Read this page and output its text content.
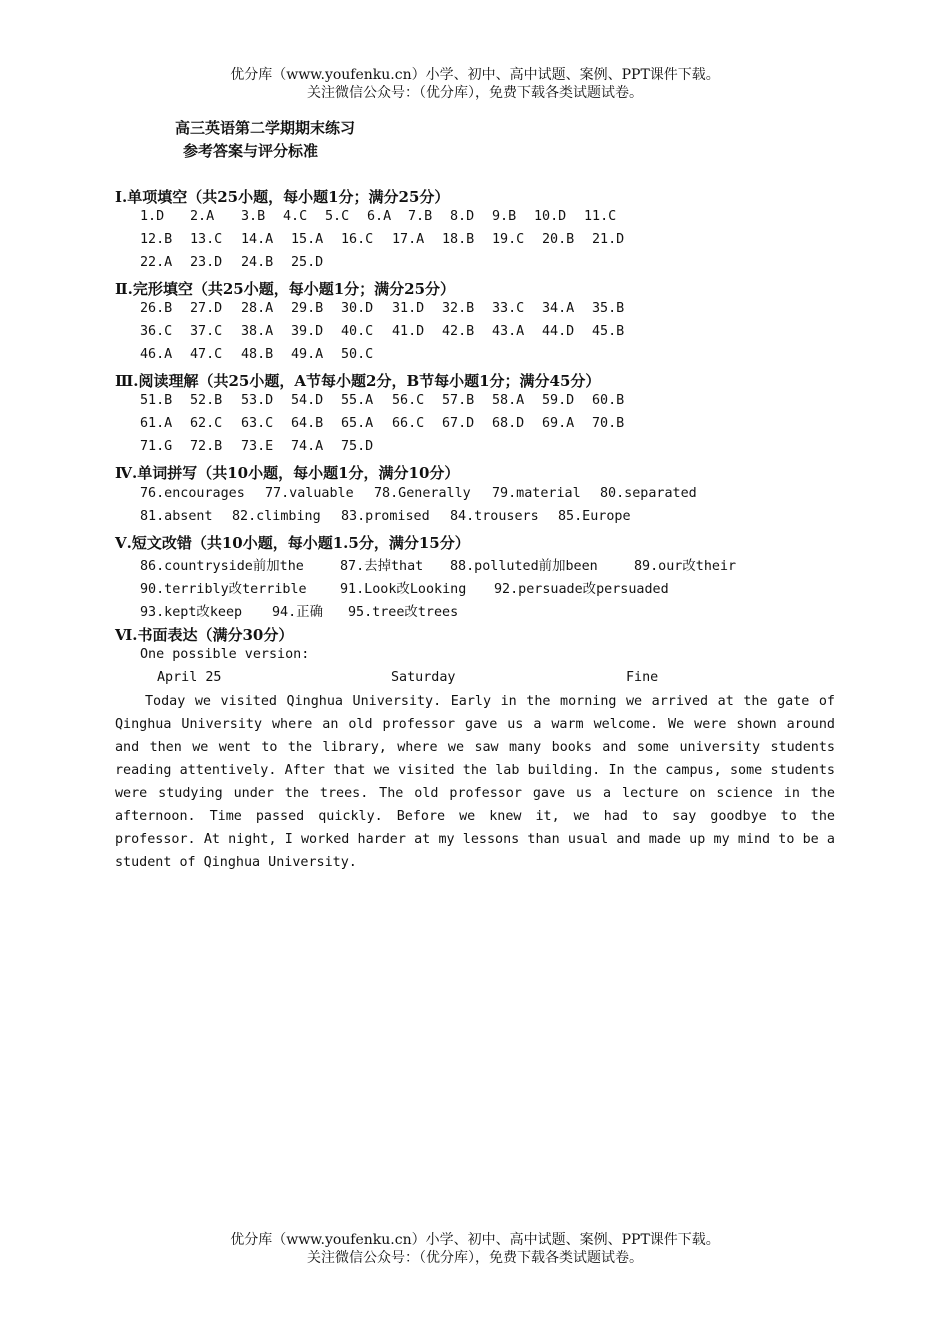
优分库（www.youfenku.cn）小学、初中、高中试题、案例、PPT课件下载。
关注微信公众号：（优分库），免费下载各类试题试卷。
高三英语第二学期期末练习
参考答案与评分标准
Ⅰ.单项填空（共25小题，每小题1分；满分25分）
1.D 2.A 3.B 4.C 5.C 6.A 7.B 8.D 9.B 10.D 11.C
12.B 13.C 14.A 15.A 16.C 17.A 18.B 19.C 20.B 21.D
22.A 23.D 24.B 25.D
Ⅱ.完形填空（共25小题，每小题1分；满分25分）
26.B 27.D 28.A 29.B 30.D 31.D 32.B 33.C 34.A 35.B
36.C 37.C 38.A 39.D 40.C 41.D 42.B 43.A 44.D 45.B
46.A 47.C 48.B 49.A 50.C
Ⅲ.阅读理解（共25小题，A节每小题2分，B节每小题1分；满分45分）
51.B 52.B 53.D 54.D 55.A 56.C 57.B 58.A 59.D 60.B
61.A 62.C 63.C 64.B 65.A 66.C 67.D 68.D 69.A 70.B
71.G 72.B 73.E 74.A 75.D
Ⅳ.单词拼写（共10小题，每小题1分，满分10分）
76.encourages 77.valuable 78.Generally 79.material 80.separated
81.absent 82.climbing 83.promised 84.trousers 85.Europe
Ⅴ.短文改错（共10小题，每小题1.5分，满分15分）
86.countryside前加the	87.去掉that 88.polluted前加been	89.our改their
90.terribly改terrible 91.Look改Looking 92.persuade改persuaded
93.kept改keep 94.正确 95.tree改trees
Ⅵ.书面表达（满分30分）
One possible version:
April 25	Saturday	Fine
Today we visited Qinghua University. Early in the morning we arrived at the gate of Qinghua University where an old professor gave us a warm welcome. We were shown around and then we went to the library, where we saw many books and some university students reading attentively. After that we visited the lab building. In the campus, some students were studying under the trees. The old professor gave us a lecture on science in the afternoon. Time passed quickly. Before we knew it, we had to say goodbye to the professor. At night, I worked harder at my lessons than usual and made up my mind to be a student of Qinghua University.
优分库（www.youfenku.cn）小学、初中、高中试题、案例、PPT课件下载。
关注微信公众号：（优分库），免费下载各类试题试卷。
